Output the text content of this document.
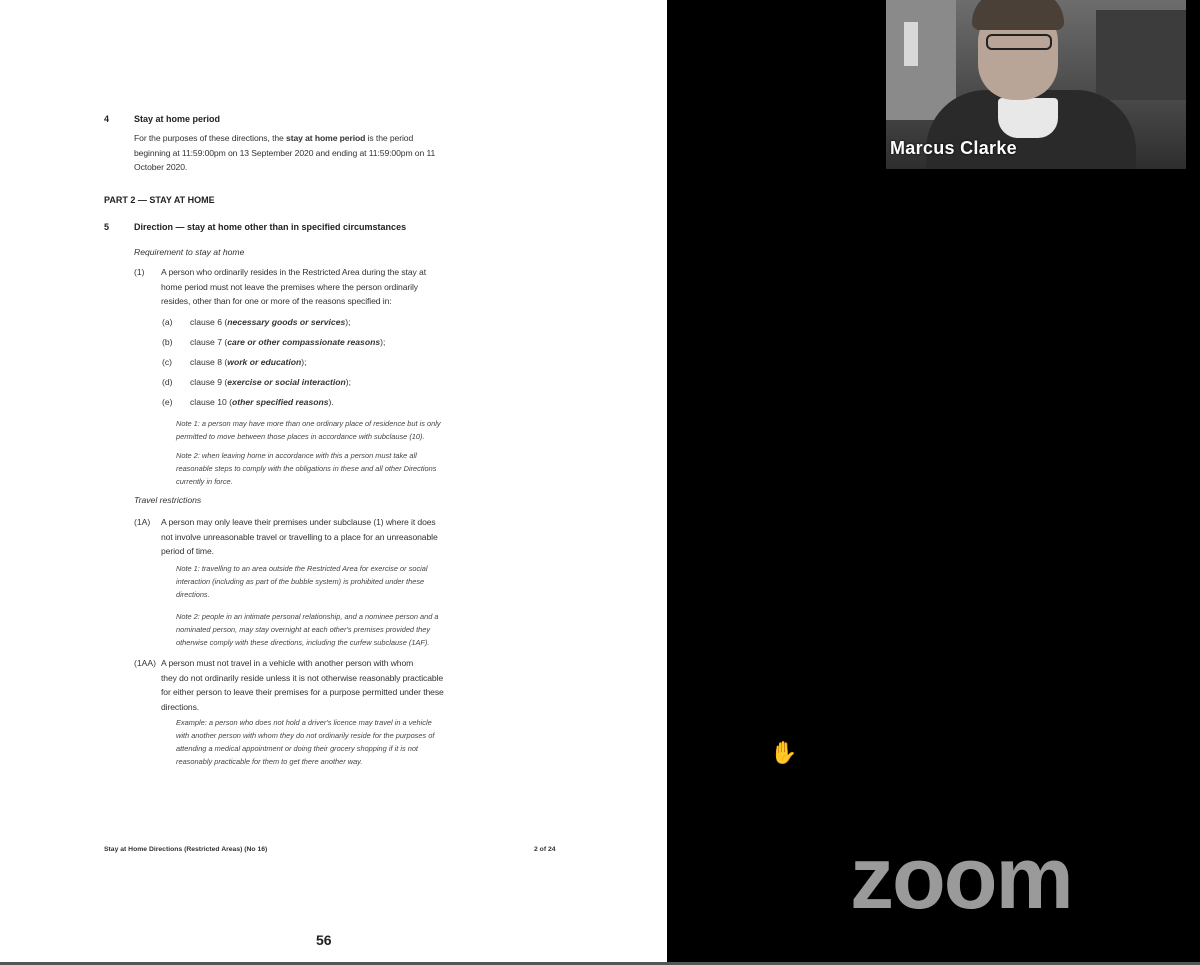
4	Stay at home period
For the purposes of these directions, the stay at home period is the period
beginning at 11:59:00pm on 13 September 2020 and ending at 11:59:00pm on 11
October 2020.
PART 2 — STAY AT HOME
5	Direction — stay at home other than in specified circumstances
Requirement to stay at home
(1) A person who ordinarily resides in the Restricted Area during the stay at
home period must not leave the premises where the person ordinarily
resides, other than for one or more of the reasons specified in:
(a) clause 6 (necessary goods or services);
(b) clause 7 (care or other compassionate reasons);
(c) clause 8 (work or education);
(d) clause 9 (exercise or social interaction);
(e) clause 10 (other specified reasons).
Note 1: a person may have more than one ordinary place of residence but is only
permitted to move between those places in accordance with subclause (10).
Note 2: when leaving home in accordance with this a person must take all
reasonable steps to comply with the obligations in these and all other Directions
currently in force.
Travel restrictions
(1A) A person may only leave their premises under subclause (1) where it does
not involve unreasonable travel or travelling to a place for an unreasonable
period of time.
Note 1: travelling to an area outside the Restricted Area for exercise or social
interaction (including as part of the bubble system) is prohibited under these
directions.
Note 2: people in an intimate personal relationship, and a nominee person and a
nominated person, may stay overnight at each other's premises provided they
otherwise comply with these directions, including the curfew subclause (1AF).
(1AA) A person must not travel in a vehicle with another person with whom
they do not ordinarily reside unless it is not otherwise reasonably practicable
for either person to leave their premises for a purpose permitted under these
directions.
Example: a person who does not hold a driver's licence may travel in a vehicle
with another person with whom they do not ordinarily reside for the purposes of
attending a medical appointment or doing their grocery shopping if it is not
reasonably practicable for them to get there another way.
Stay at Home Directions (Restricted Areas) (No 16)	2 of 24
56
Marcus Clarke
✋
zoom
